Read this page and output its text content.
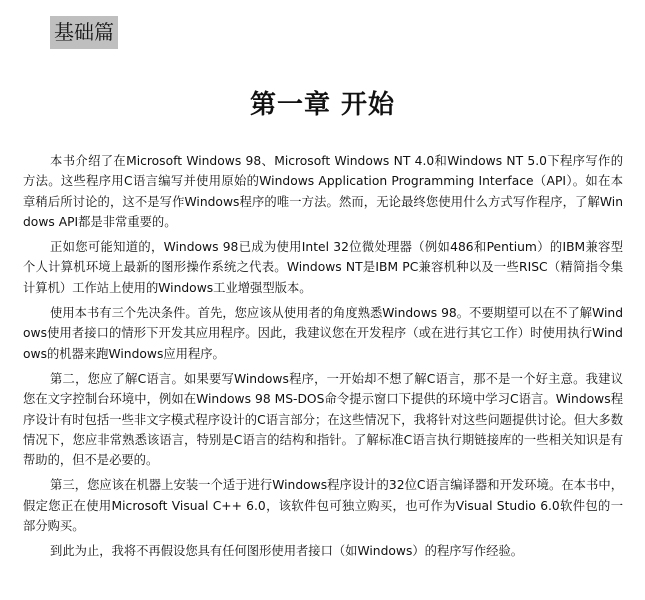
基础篇
第一章 开始

本书介绍了在Microsoft Windows 98、Microsoft Windows NT 4.0和Windows NT 5.0下程序写作的方法。这些程序用C语言编写并使用原始的Windows Application Programming Interface（API）。如在本章稍后所讨论的，这不是写作Windows程序的唯一方法。然而，无论最终您使用什么方式写作程序，了解Windows API都是非常重要的。

正如您可能知道的，Windows 98已成为使用Intel 32位微处理器（例如486和Pentium）的IBM兼容型个人计算机环境上最新的图形操作系统之代表。Windows NT是IBM PC兼容机种以及一些RISC（精简指令集计算机）工作站上使用的Windows工业增强型版本。

使用本书有三个先决条件。首先，您应该从使用者的角度熟悉Windows 98。不要期望可以在不了解Windows使用者接口的情形下开发其应用程序。因此，我建议您在开发程序（或在进行其它工作）时使用执行Windows的机器来跑Windows应用程序。

第二，您应了解C语言。如果要写Windows程序，一开始却不想了解C语言，那不是一个好主意。我建议您在文字控制台环境中，例如在Windows 98 MS-DOS命令提示窗口下提供的环境中学习C语言。Windows程序设计有时包括一些非文字模式程序设计的C语言部分；在这些情况下，我将针对这些问题提供讨论。但大多数情况下，您应非常熟悉该语言，特别是C语言的结构和指针。了解标准C语言执行期链接库的一些相关知识是有帮助的，但不是必要的。

第三，您应该在机器上安装一个适于进行Windows程序设计的32位C语言编译器和开发环境。在本书中，假定您正在使用Microsoft Visual C++ 6.0，该软件包可独立购买，也可作为Visual Studio 6.0软件包的一部分购买。

到此为止，我将不再假设您具有任何图形使用者接口（如Windows）的程序写作经验。
